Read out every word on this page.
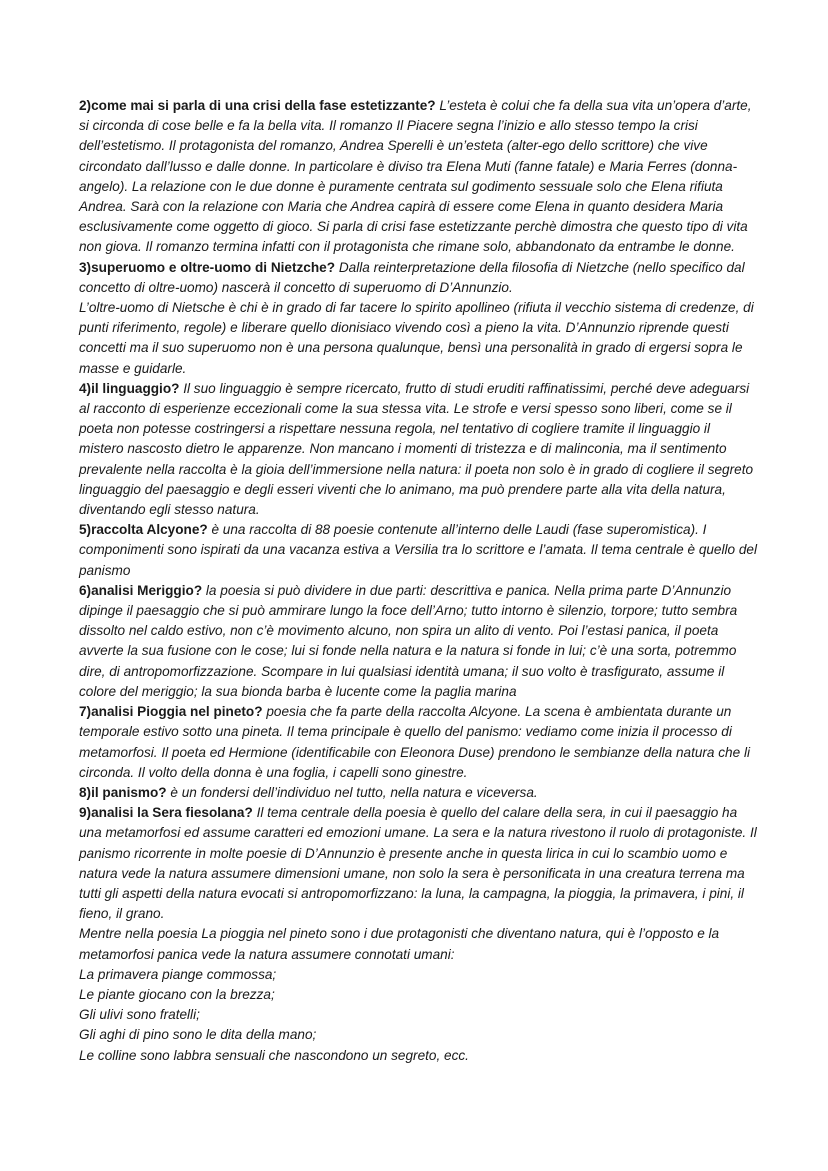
2)come mai si parla di una crisi della fase estetizzante? L’esteta è colui che fa della sua vita un’opera d’arte, si circonda di cose belle e fa la bella vita. Il romanzo Il Piacere segna l’inizio e allo stesso tempo la crisi dell’estetismo. Il protagonista del romanzo, Andrea Sperelli è un’esteta (alter-ego dello scrittore) che vive circondato dall’lusso e dalle donne. In particolare è diviso tra Elena Muti (fanne fatale) e Maria Ferres (donna-angelo). La relazione con le due donne è puramente centrata sul godimento sessuale solo che Elena rifiuta Andrea. Sarà con la relazione con Maria che Andrea capirà di essere come Elena in quanto desidera Maria esclusivamente come oggetto di gioco. Si parla di crisi fase estetizzante perchè dimostra che questo tipo di vita non giova. Il romanzo termina infatti con il protagonista che rimane solo, abbandonato da entrambe le donne.

3)superuomo e oltre-uomo di Nietzche? Dalla reinterpretazione della filosofia di Nietzche (nello specifico dal concetto di oltre-uomo) nascerà il concetto di superuomo di D’Annunzio.

L’oltre-uomo di Nietsche è chi è in grado di far tacere lo spirito apollineo (rifiuta il vecchio sistema di credenze, di punti riferimento, regole) e liberare quello dionisiaco vivendo così a pieno la vita. D’Annunzio riprende questi concetti ma il suo superuomo non è una persona qualunque, bensì una personalità in grado di ergersi sopra le masse e guidarle.

4)il linguaggio? Il suo linguaggio è sempre ricercato, frutto di studi eruditi raffinatissimi, perché deve adeguarsi al racconto di esperienze eccezionali come la sua stessa vita. Le strofe e versi spesso sono liberi, come se il poeta non potesse costringersi a rispettare nessuna regola, nel tentativo di cogliere tramite il linguaggio il mistero nascosto dietro le apparenze. Non mancano i momenti di tristezza e di malinconia, ma il sentimento prevalente nella raccolta è la gioia dell’immersione nella natura: il poeta non solo è in grado di cogliere il segreto linguaggio del paesaggio e degli esseri viventi che lo animano, ma può prendere parte alla vita della natura, diventando egli stesso natura.

5)raccolta Alcyone? è una raccolta di 88 poesie contenute all’interno delle Laudi (fase superomistica). I componimenti sono ispirati da una vacanza estiva a Versilia tra lo scrittore e l’amata. Il tema centrale è quello del panismo

6)analisi Meriggio? la poesia si può dividere in due parti: descrittiva e panica. Nella prima parte D’Annunzio dipinge il paesaggio che si può ammirare lungo la foce dell’Arno; tutto intorno è silenzio, torpore; tutto sembra dissolto nel caldo estivo, non c’è movimento alcuno, non spira un alito di vento. Poi l’estasi panica, il poeta avverte la sua fusione con le cose; lui si fonde nella natura e la natura si fonde in lui; c’è una sorta, potremmo dire, di antropomorfizzazione. Scompare in lui qualsiasi identità umana; il suo volto è trasfigurato, assume il colore del meriggio; la sua bionda barba è lucente come la paglia marina

7)analisi Pioggia nel pineto? poesia che fa parte della raccolta Alcyone. La scena è ambientata durante un temporale estivo sotto una pineta. Il tema principale è quello del panismo: vediamo come inizia il processo di metamorfosi. Il poeta ed Hermione (identificabile con Eleonora Duse) prendono le sembianze della natura che li circonda. Il volto della donna è una foglia, i capelli sono ginestre.

8)il panismo? è un fondersi dell’individuo nel tutto, nella natura e viceversa.

9)analisi la Sera fiesolana? Il tema centrale della poesia è quello del calare della sera, in cui il paesaggio ha una metamorfosi ed assume caratteri ed emozioni umane. La sera e la natura rivestono il ruolo di protagoniste. Il panismo ricorrente in molte poesie di D’Annunzio è presente anche in questa lirica in cui lo scambio uomo e natura vede la natura assumere dimensioni umane, non solo la sera è personificata in una creatura terrena ma tutti gli aspetti della natura evocati si antropomorfizzano: la luna, la campagna, la pioggia, la primavera, i pini, il fieno, il grano.

Mentre nella poesia La pioggia nel pineto sono i due protagonisti che diventano natura, qui è l’opposto e la metamorfosi panica vede la natura assumere connotati umani:

La primavera piange commossa;
Le piante giocano con la brezza;
Gli ulivi sono fratelli;
Gli aghi di pino sono le dita della mano;
Le colline sono labbra sensuali che nascondono un segreto, ecc.
